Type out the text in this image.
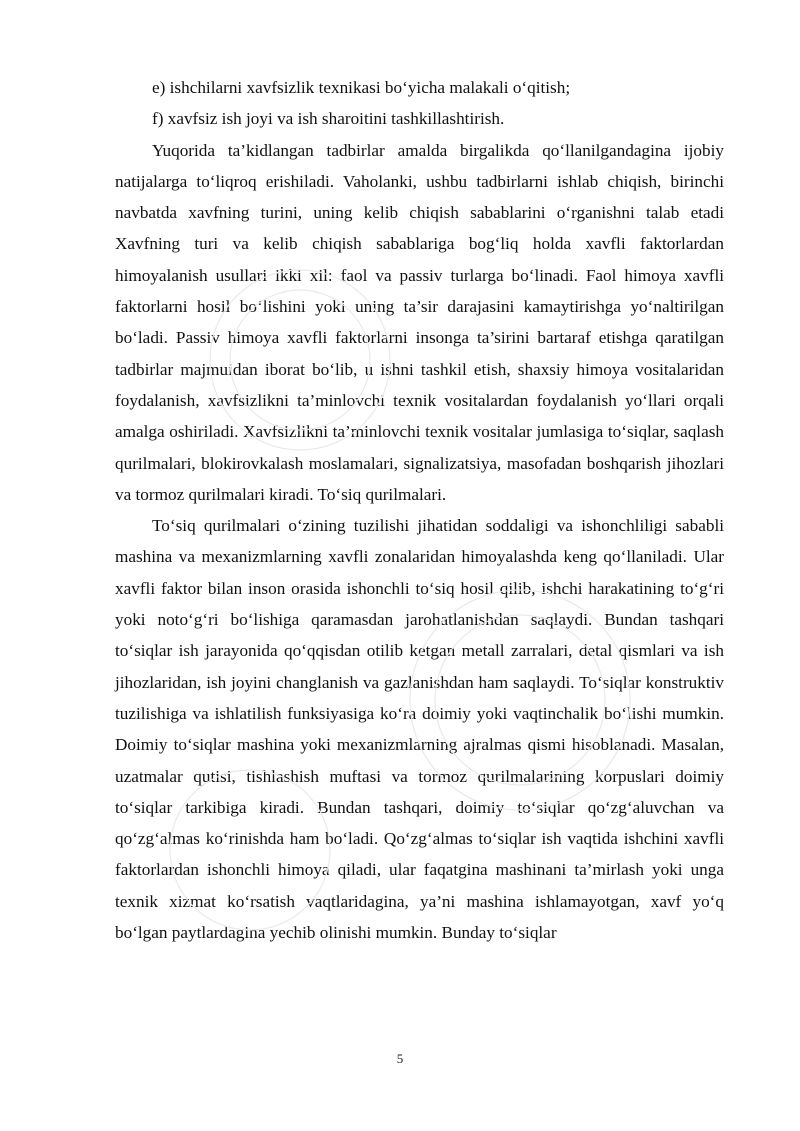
e) ishchilarni xavfsizlik texnikasi bo‘yicha malakali o‘qitish;

f) xavfsiz ish joyi va ish sharoitini tashkillashtirish.

Yuqorida ta’kidlangan tadbirlar amalda birgalikda qo‘llanilgandagina ijobiy natijalarga to‘liqroq erishiladi. Vaholanki, ushbu tadbirlarni ishlab chiqish, birinchi navbatda xavfning turini, uning kelib chiqish sabablarini o‘rganishni talab etadi Xavfning turi va kelib chiqish sabablariga bog‘liq holda xavfli faktorlardan himoyalanish usullari ikki xil: faol va passiv turlarga bo‘linadi. Faol himoya xavfli faktorlarni hosil bo‘lishini yoki uning ta’sir darajasini kamaytirishga yo‘naltirilgan bo‘ladi. Passiv himoya xavfli faktorlarni insonga ta’sirini bartaraf etishga qaratilgan tadbirlar majmuidan iborat bo‘lib, u ishni tashkil etish, shaxsiy himoya vositalaridan foydalanish, xavfsizlikni ta’minlovchi texnik vositalardan foydalanish yo‘llari orqali amalga oshiriladi. Xavfsizlikni ta’minlovchi texnik vositalar jumlasiga to‘siqlar, saqlash qurilmalari, blokirovkalash moslamalari, signalizatsiya, masofadan boshqarish jihozlari va tormoz qurilmalari kiradi. To‘siq qurilmalari.

To‘siq qurilmalari o‘zining tuzilishi jihatidan soddaligi va ishonchliligi sababli mashina va mexanizmlarning xavfli zonalaridan himoyalashda keng qo‘llaniladi. Ular xavfli faktor bilan inson orasida ishonchli to‘siq hosil qilib, ishchi harakatining to‘g‘ri yoki noto‘g‘ri bo‘lishiga qaramasdan jarohatlanishdan saqlaydi. Bundan tashqari to‘siqlar ish jarayonida qo‘qqisdan otilib ketgan metall zarralari, detal qismlari va ish jihozlaridan, ish joyini changlanish va gazlanishdan ham saqlaydi. To‘siqlar konstruktiv tuzilishiga va ishlatilish funksiyasiga ko‘ra doimiy yoki vaqtinchalik bo‘lishi mumkin. Doimiy to‘siqlar mashina yoki mexanizmlarning ajralmas qismi hisoblanadi. Masalan, uzatmalar qutisi, tishlashish muftasi va tormoz qurilmalarining korpuslari doimiy to‘siqlar tarkibiga kiradi. Bundan tashqari, doimiy to‘siqlar qo‘zg‘aluvchan va qo‘zg‘almas ko‘rinishda ham bo‘ladi. Qo‘zg‘almas to‘siqlar ish vaqtida ishchini xavfli faktorlardan ishonchli himoya qiladi, ular faqatgina mashinani ta’mirlash yoki unga texnik xizmat ko‘rsatish vaqtlaridagina, ya’ni mashina ishlamayotgan, xavf yo‘q bo‘lgan paytlardagina yechib olinishi mumkin. Bunday to‘siqlar

5
